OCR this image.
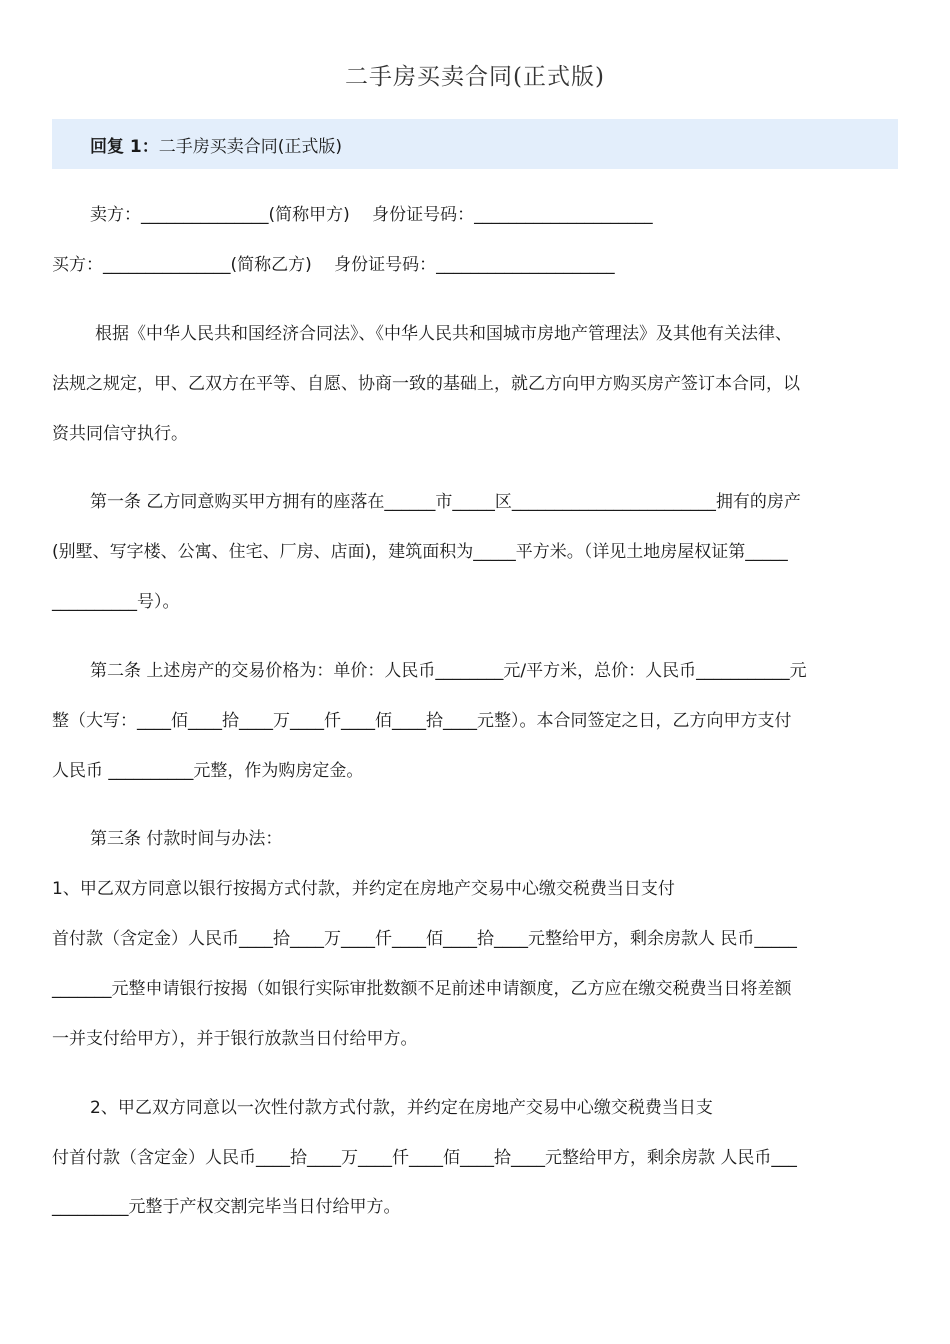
二手房买卖合同(正式版)
回复 1：二手房买卖合同(正式版)
卖方：_______________(简称甲方)　 身份证号码：_____________________
买方：_______________(简称乙方)　 身份证号码：_____________________
根据《中华人民共和国经济合同法》、《中华人民共和国城市房地产管理法》及其他有关法律、
法规之规定，甲、乙双方在平等、自愿、协商一致的基础上，就乙方向甲方购买房产签订本合同，以
资共同信守执行。
第一条 乙方同意购买甲方拥有的座落在______市_____区________________________拥有的房产
(别墅、写字楼、公寓、住宅、厂房、店面)，建筑面积为_____平方米。（详见土地房屋权证第_____
__________号）。
第二条 上述房产的交易价格为：单价：人民币________元/平方米，总价：人民币___________元
整（大写：____佰____拾____万____仟____佰____拾____元整）。本合同签定之日，乙方向甲方支付
人民币 __________元整，作为购房定金。
第三条 付款时间与办法：
1、甲乙双方同意以银行按揭方式付款，并约定在房地产交易中心缴交税费当日支付
首付款（含定金）人民币____拾____万____仟____佰____拾____元整给甲方，剩余房款人 民币_____
_______元整申请银行按揭（如银行实际审批数额不足前述申请额度，乙方应在缴交税费当日将差额
一并支付给甲方），并于银行放款当日付给甲方。
2、甲乙双方同意以一次性付款方式付款，并约定在房地产交易中心缴交税费当日支
付首付款（含定金）人民币____拾____万____仟____佰____拾____元整给甲方，剩余房款 人民币___
_________元整于产权交割完毕当日付给甲方。
